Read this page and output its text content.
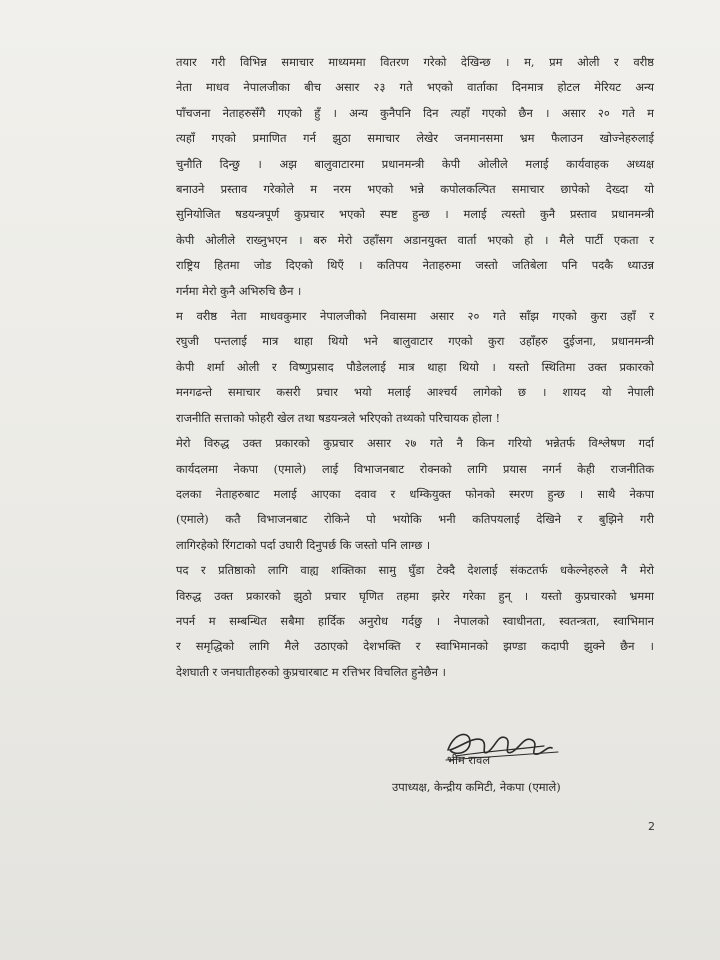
तयार गरी विभिन्न समाचार माध्यममा वितरण गरेको देखिन्छ । म, प्रम ओली र वरीष्ठ
नेता माधव नेपालजीका बीच असार २३ गते भएको वार्ताका दिनमात्र होटल मेरियट अन्य
पाँचजना नेताहरुसँगै गएको हुँ । अन्य कुनैपनि दिन त्यहाँ गएको छैन । असार २० गते म
त्यहाँ गएको प्रमाणित गर्न झुठा समाचार लेखेर जनमानसमा भ्रम फैलाउन खोज्नेहरुलाई
चुनौति दिन्छु । अझ बालुवाटारमा प्रधानमन्त्री केपी ओलीले मलाई कार्यवाहक अध्यक्ष
बनाउने प्रस्ताव गरेकोले म नरम भएको भन्ने कपोलकल्पित समाचार छापेको देख्दा यो
सुनियोजित षडयन्त्रपूर्ण कुप्रचार भएको स्पष्ट हुन्छ । मलाई त्यस्तो कुनै प्रस्ताव प्रधानमन्त्री
केपी ओलीले राख्नुभएन । बरु मेरो उहाँसग अडानयुक्त वार्ता भएको हो । मैले पार्टी एकता र
राष्ट्रिय हितमा जोड दिएको थिएँ । कतिपय नेताहरुमा जस्तो जतिबेला पनि पदकै ध्याउन्न
गर्नमा मेरो कुनै अभिरुचि छैन ।

म वरीष्ठ नेता माधवकुमार नेपालजीको निवासमा असार २० गते साँझ गएको कुरा उहाँ र
रघुजी पन्तलाई मात्र थाहा थियो भने बालुवाटार गएको कुरा उहाँहरु दुईजना, प्रधानमन्त्री
केपी शर्मा ओली र विष्णुप्रसाद पौडेललाई मात्र थाहा थियो । यस्तो स्थितिमा उक्त प्रकारको
मनगढन्ते समाचार कसरी प्रचार भयो मलाई आश्चर्य लागेको छ । शायद यो नेपाली
राजनीति सत्ताको फोहरी खेल तथा षडयन्त्रले भरिएको तथ्यको परिचायक होला !

मेरो विरुद्ध उक्त प्रकारको कुप्रचार असार २७ गते नै किन गरियो भन्नेतर्फ विश्लेषण गर्दा
कार्यदलमा नेकपा (एमाले) लाई विभाजनबाट रोक्नको लागि प्रयास नगर्न केही राजनीतिक
दलका नेताहरुबाट मलाई आएका दवाव र धम्कियुक्त फोनको स्मरण हुन्छ । साथै नेकपा
(एमाले) कतै विभाजनबाट रोकिने पो भयोकि भनी कतिपयलाई देखिने र बुझिने गरी
लागिरहेको रिंगटाको पर्दा उघारी दिनुपर्छ कि जस्तो पनि लाग्छ ।

पद र प्रतिष्ठाको लागि वाह्य शक्तिका सामु घुँडा टेक्दै देशलाई संकटतर्फ धकेल्नेहरुले नै मेरो
विरुद्ध उक्त प्रकारको झुठो प्रचार घृणित तहमा झरेर गरेका हुन् । यस्तो कुप्रचारको भ्रममा
नपर्न म सम्बन्धित सबैमा हार्दिक अनुरोध गर्दछु । नेपालको स्वाधीनता, स्वतन्त्रता, स्वाभिमान
र समृद्धिको लागि मैले उठाएको देशभक्ति र स्वाभिमानको झण्डा कदापी झुक्ने छैन ।
देशघाती र जनघातीहरुको कुप्रचारबाट म रत्तिभर विचलित हुनेछैन ।

भीम रावल
उपाध्यक्ष, केन्द्रीय कमिटी, नेकपा (एमाले)
2
